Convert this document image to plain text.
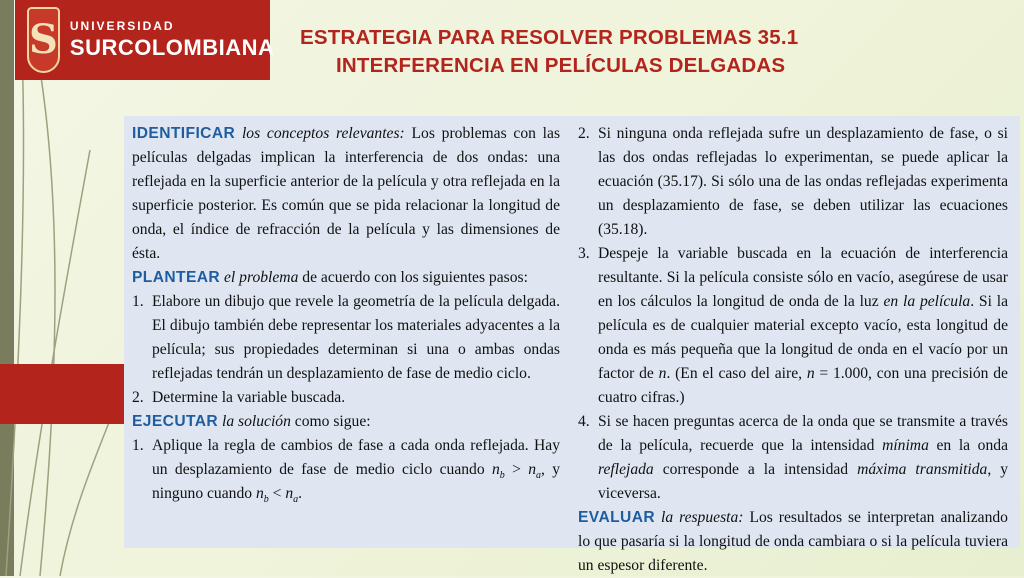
S UNIVERSIDAD
SURCOLOMBIANA ESTRATEGIA PARA RESOLVER PROBLEMAS 35.1
INTERFERENCIA EN PELÍCULAS DELGADAS

IDENTIFICAR los conceptos relevantes: Los problemas con las películas delgadas implican la interferencia de dos ondas: una reflejada en la superficie anterior de la película y otra reflejada en la superficie posterior. Es común que se pida relacionar la longitud de onda, el índice de refracción de la película y las dimensiones de ésta.

PLANTEAR el problema de acuerdo con los siguientes pasos:

1. Elabore un dibujo que revele la geometría de la película delgada. El dibujo también debe representar los materiales adyacentes a la película; sus propiedades determinan si una o ambas ondas reflejadas tendrán un desplazamiento de fase de medio ciclo.
2. Determine la variable buscada.

EJECUTAR la solución como sigue:

1. Aplique la regla de cambios de fase a cada onda reflejada. Hay un desplazamiento de fase de medio ciclo cuando $n_b > n_a$, y ninguno cuando $n_b < n_a$.
2. Si ninguna onda reflejada sufre un desplazamiento de fase, o si las dos ondas reflejadas lo experimentan, se puede aplicar la ecuación (35.17). Si sólo una de las ondas reflejadas experimenta un desplazamiento de fase, se deben utilizar las ecuaciones (35.18).
3. Despeje la variable buscada en la ecuación de interferencia resultante. Si la película consiste sólo en vacío, asegúrese de usar en los cálculos la longitud de onda de la luz en la película. Si la película es de cualquier material excepto vacío, esta longitud de onda es más pequeña que la longitud de onda en el vacío por un factor de n. (En el caso del aire, n = 1.000, con una precisión de cuatro cifras.)
4. Si se hacen preguntas acerca de la onda que se transmite a través de la película, recuerde que la intensidad mínima en la onda reflejada corresponde a la intensidad máxima transmitida, y viceversa.

EVALUAR la respuesta: Los resultados se interpretan analizando lo que pasaría si la longitud de onda cambiara o si la película tuviera un espesor diferente.
